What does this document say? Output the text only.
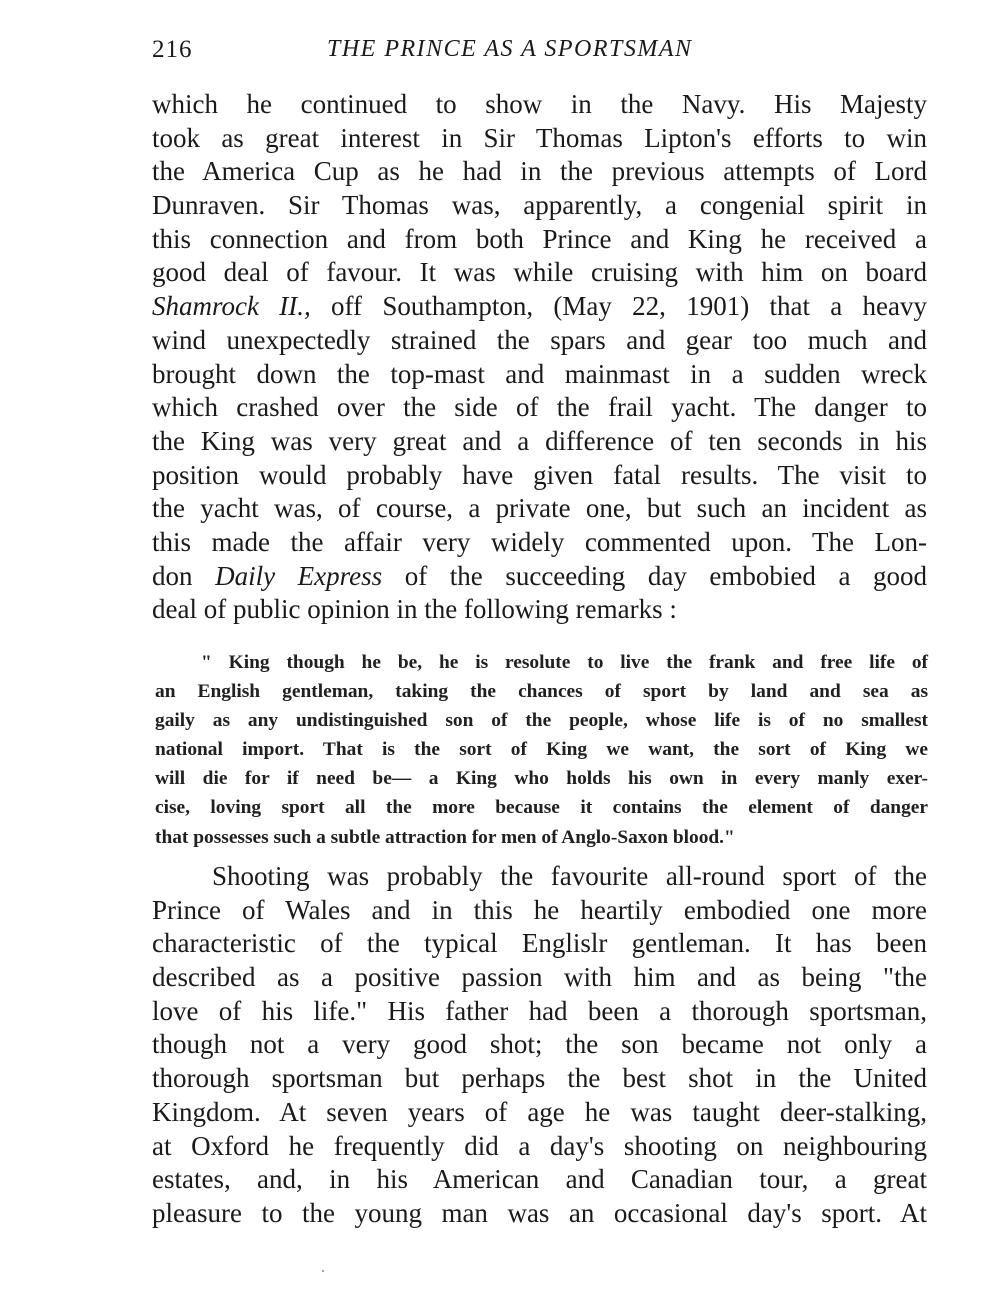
216	THE PRINCE AS A SPORTSMAN
which he continued to show in the Navy. His Majesty
took as great interest in Sir Thomas Lipton's efforts to win
the America Cup as he had in the previous attempts of Lord
Dunraven. Sir Thomas was, apparently, a congenial spirit in
this connection and from both Prince and King he received a
good deal of favour. It was while cruising with him on board
Shamrock II., off Southampton, (May 22, 1901) that a heavy
wind unexpectedly strained the spars and gear too much and
brought down the top-mast and mainmast in a sudden wreck
which crashed over the side of the frail yacht. The danger to
the King was very great and a difference of ten seconds in his
position would probably have given fatal results. The visit to
the yacht was, of course, a private one, but such an incident as
this made the affair very widely commented upon. The Lon-
don Daily Express of the succeeding day embobied a good
deal of public opinion in the following remarks :
" King though he be, he is resolute to live the frank and free life of
an English gentleman, taking the chances of sport by land and sea as
gaily as any undistinguished son of the people, whose life is of no smallest
national import. That is the sort of King we want, the sort of King we
will die for if need be— a King who holds his own in every manly exer-
cise, loving sport all the more because it contains the element of danger
that possesses such a subtle attraction for men of Anglo-Saxon blood."
Shooting was probably the favourite all-round sport of the
Prince of Wales and in this he heartily embodied one more
characteristic of the typical Englislr gentleman. It has been
described as a positive passion with him and as being "the
love of his life." His father had been a thorough sportsman,
though not a very good shot; the son became not only a
thorough sportsman but perhaps the best shot in the United
Kingdom. At seven years of age he was taught deer-stalking,
at Oxford he frequently did a day's shooting on neighbouring
estates, and, in his American and Canadian tour, a great
pleasure to the young man was an occasional day's sport. At
